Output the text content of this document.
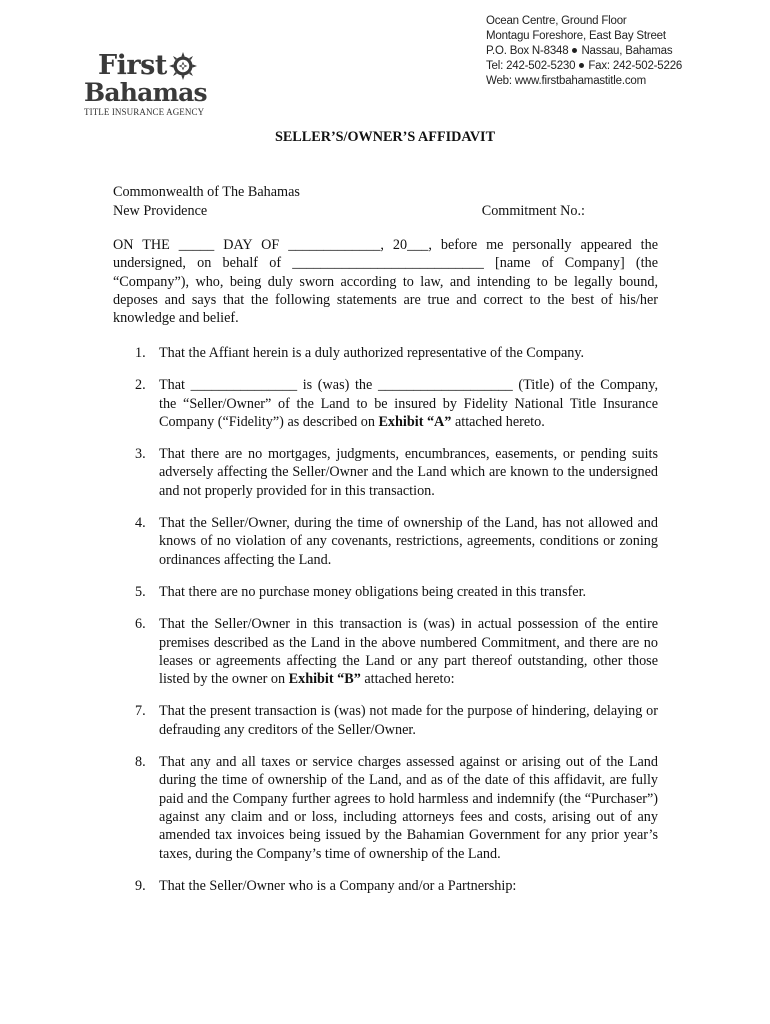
First
Bahamas
TITLE INSURANCE AGENCY
Ocean Centre, Ground Floor
Montagu Foreshore, East Bay Street
P.O. Box N-8348 Nassau, Bahamas
Tel: 242-502-5230 Fax: 242-502-5226
Web: www.firstbahamastitle.com
SELLER’S/OWNER’S AFFIDAVIT
Commonwealth of The Bahamas
New Providence	Commitment No.:
ON THE _____ DAY OF _____________, 20___, before me personally appeared the undersigned, on behalf of ___________________________ [name of Company] (the “Company”), who, being duly sworn according to law, and intending to be legally bound, deposes and says that the following statements are true and correct to the best of his/her knowledge and belief.
1. That the Affiant herein is a duly authorized representative of the Company.
2. That _______________ is (was) the ___________________ (Title) of the Company, the “Seller/Owner” of the Land to be insured by Fidelity National Title Insurance Company (“Fidelity”) as described on Exhibit “A” attached hereto.
3. That there are no mortgages, judgments, encumbrances, easements, or pending suits adversely affecting the Seller/Owner and the Land which are known to the undersigned and not properly provided for in this transaction.
4. That the Seller/Owner, during the time of ownership of the Land, has not allowed and knows of no violation of any covenants, restrictions, agreements, conditions or zoning ordinances affecting the Land.
5. That there are no purchase money obligations being created in this transfer.
6. That the Seller/Owner in this transaction is (was) in actual possession of the entire premises described as the Land in the above numbered Commitment, and there are no leases or agreements affecting the Land or any part thereof outstanding, other those listed by the owner on Exhibit “B” attached hereto:
7. That the present transaction is (was) not made for the purpose of hindering, delaying or defrauding any creditors of the Seller/Owner.
8. That any and all taxes or service charges assessed against or arising out of the Land during the time of ownership of the Land, and as of the date of this affidavit, are fully paid and the Company further agrees to hold harmless and indemnify (the “Purchaser”) against any claim and or loss, including attorneys fees and costs, arising out of any amended tax invoices being issued by the Bahamian Government for any prior year’s taxes, during the Company’s time of ownership of the Land.
9. That the Seller/Owner who is a Company and/or a Partnership:
